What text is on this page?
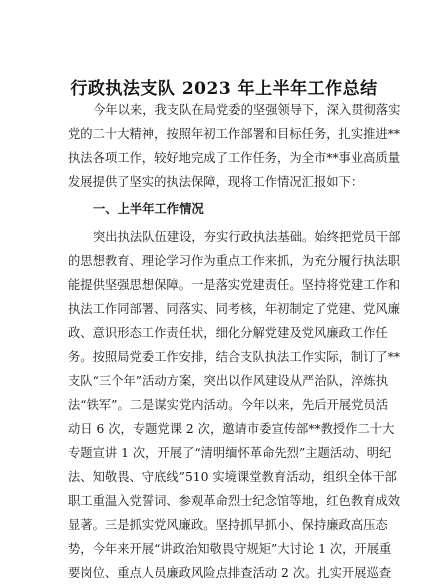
行政执法支队 2023 年上半年工作总结
今年以来，我支队在局党委的坚强领导下，深入贯彻落实
党的二十大精神，按照年初工作部署和目标任务，扎实推进**
执法各项工作，较好地完成了工作任务，为全市**事业高质量
发展提供了坚实的执法保障，现将工作情况汇报如下：
一、上半年工作情况
突出执法队伍建设，夯实行政执法基础。始终把党员干部
的思想教育、理论学习作为重点工作来抓，为充分履行执法职
能提供坚强思想保障。一是落实党建责任。坚持将党建工作和
执法工作同部署、同落实、同考核，年初制定了党建、党风廉
政、意识形态工作责任状，细化分解党建及党风廉政工作任
务。按照局党委工作安排，结合支队执法工作实际，制订了**
支队“三个年”活动方案，突出以作风建设从严治队，淬炼执
法“铁军”。二是谋实党内活动。今年以来，先后开展党员活
动日 6 次，专题党课 2 次，邀请市委宣传部**教授作二十大
专题宣讲 1 次，开展了“清明缅怀革命先烈”主题活动、明纪
法、知敬畏、守底线”510 实境课堂教育活动，组织全体干部
职工重温入党誓词、参观革命烈士纪念馆等地，红色教育成效
显著。三是抓实党风廉政。坚持抓早抓小、保持廉政高压态
势，今年来开展“讲政治知敬畏守规矩”大讨论 1 次，开展重
要岗位、重点人员廉政风险点排查活动 2 次。扎实开展巡查
